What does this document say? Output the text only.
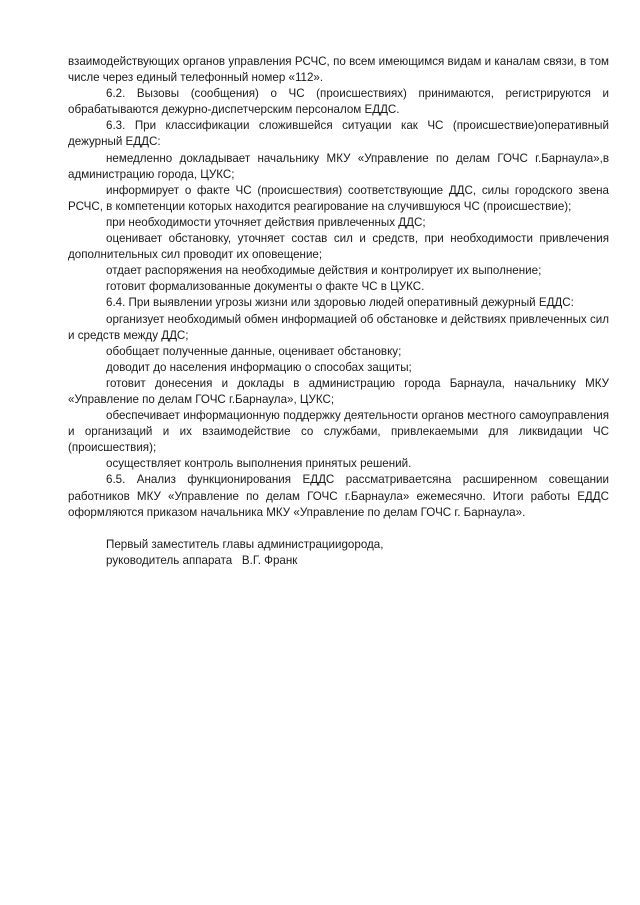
взаимодействующих органов управления РСЧС, по всем имеющимся видам и каналам связи, в том числе через единый телефонный номер «112».

6.2. Вызовы (сообщения) о ЧС (происшествиях) принимаются, регистрируются и обрабатываются дежурно-диспетчерским персоналом ЕДДС.

6.3. При классификации сложившейся ситуации как ЧС (происшествие)оперативный дежурный ЕДДС:

немедленно докладывает начальнику МКУ «Управление по делам ГОЧС г.Барнаула»,в администрацию города, ЦУКС;

информирует о факте ЧС (происшествия) соответствующие ДДС, силы городского звена РСЧС, в компетенции которых находится реагирование на случившуюся ЧС (происшествие);

при необходимости уточняет действия привлеченных ДДС;

оценивает обстановку, уточняет состав сил и средств, при необходимости привлечения дополнительных сил проводит их оповещение;

отдает распоряжения на необходимые действия и контролирует их выполнение;

готовит формализованные документы о факте ЧС в ЦУКС.

6.4. При выявлении угрозы жизни или здоровью людей оперативный дежурный ЕДДС:

организует необходимый обмен информацией об обстановке и действиях привлеченных сил и средств между ДДС;

обобщает полученные данные, оценивает обстановку;

доводит до населения информацию о способах защиты;

готовит донесения и доклады в администрацию города Барнаула, начальнику МКУ «Управление по делам ГОЧС г.Барнаула», ЦУКС;

обеспечивает информационную поддержку деятельности органов местного самоуправления и организаций и их взаимодействие со службами, привлекаемыми для ликвидации ЧС (происшествия);

осуществляет контроль выполнения принятых решений.

6.5. Анализ функционирования ЕДДС рассматриваетсяна расширенном совещании работников МКУ «Управление по делам ГОЧС г.Барнаула» ежемесячно. Итоги работы ЕДДС оформляются приказом начальника МКУ «Управление по делам ГОЧС г. Барнаула».

Первый заместитель главы администрацииgорода,

руководитель аппарата   В.Г. Франк
